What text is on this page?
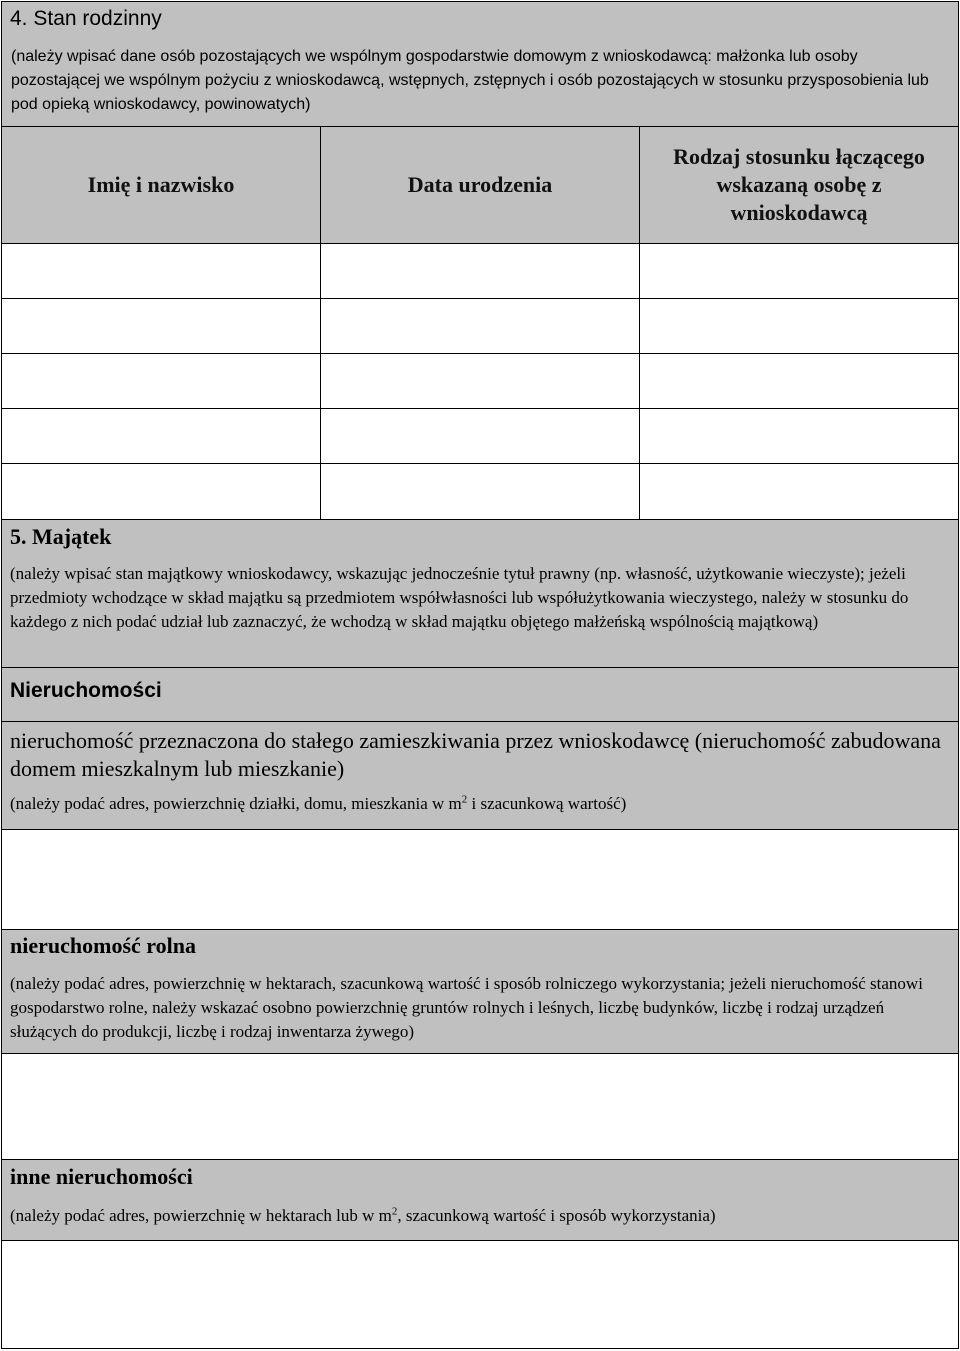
4. Stan rodzinny

(należy wpisać dane osób pozostających we wspólnym gospodarstwie domowym z wnioskodawcą: małżonka lub osoby pozostającej we wspólnym pożyciu z wnioskodawcą, wstępnych, zstępnych i osób pozostających w stosunku przysposobienia lub pod opieką wnioskodawcy, powinowatych)

Imię i nazwisko	Data urodzenia
Rodzaj stosunku łączącego wskazaną osobę z wnioskodawcą
5. Majątek

(należy wpisać stan majątkowy wnioskodawcy, wskazując jednocześnie tytuł prawny (np. własność, użytkowanie wieczyste); jeżeli przedmioty wchodzące w skład majątku są przedmiotem współwłasności lub współużytkowania wieczystego, należy w stosunku do każdego z nich podać udział lub zaznaczyć, że wchodzą w skład majątku objętego małżeńską wspólnością majątkową)

Nieruchomości

nieruchomość przeznaczona do stałego zamieszkiwania przez wnioskodawcę (nieruchomość zabudowana domem mieszkalnym lub mieszkanie)

(należy podać adres, powierzchnię działki, domu, mieszkania w $m^2$ i szacunkową wartość)

nieruchomość rolna

(należy podać adres, powierzchnię w hektarach, szacunkową wartość i sposób rolniczego wykorzystania; jeżeli nieruchomość stanowi gospodarstwo rolne, należy wskazać osobno powierzchnię gruntów rolnych i leśnych, liczbę budynków, liczbę i rodzaj urządzeń służących do produkcji, liczbę i rodzaj inwentarza żywego)

inne nieruchomości

(należy podać adres, powierzchnię w hektarach lub w $m^2$, szacunkową wartość i sposób wykorzystania)
